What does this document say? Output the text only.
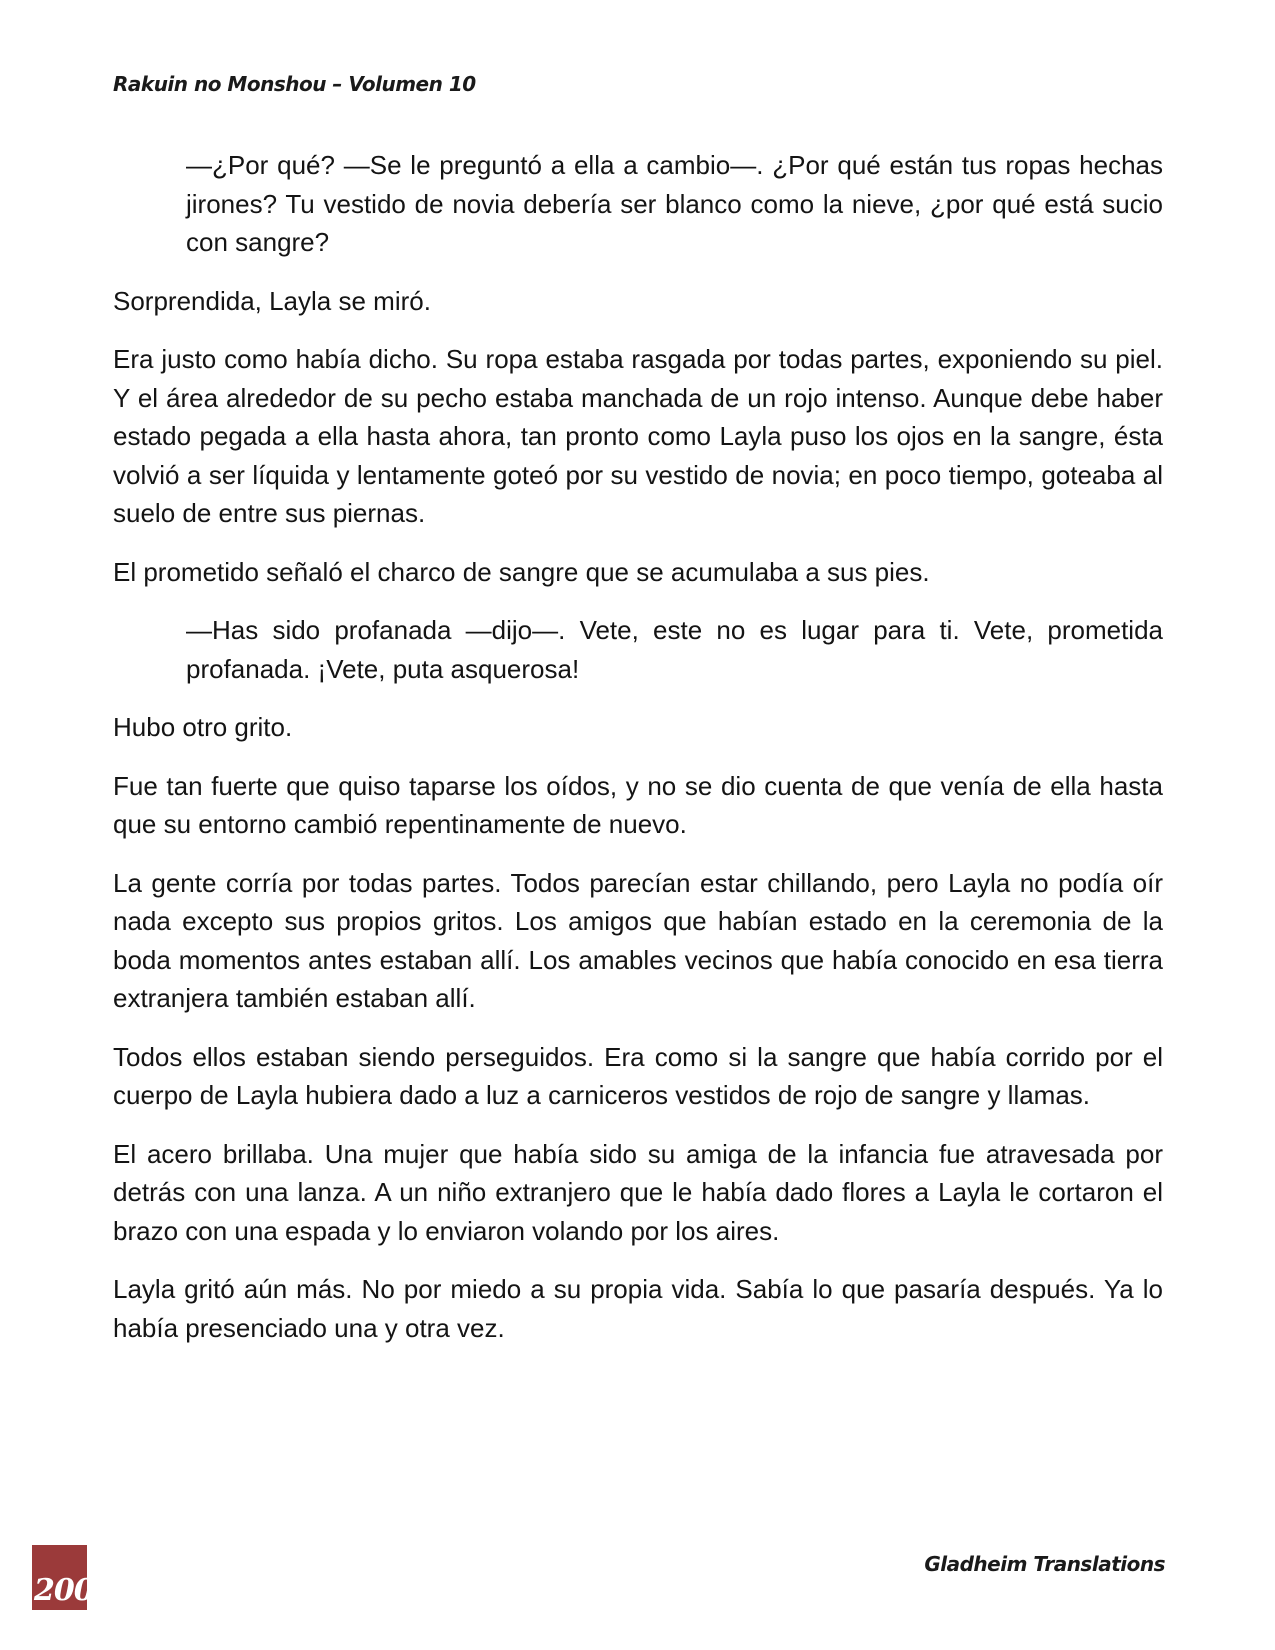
Rakuin no Monshou – Volumen 10

—¿Por qué? —Se le preguntó a ella a cambio—. ¿Por qué están tus ropas hechas jirones? Tu vestido de novia debería ser blanco como la nieve, ¿por qué está sucio con sangre?

Sorprendida, Layla se miró.

Era justo como había dicho. Su ropa estaba rasgada por todas partes, exponiendo su piel. Y el área alrededor de su pecho estaba manchada de un rojo intenso. Aunque debe haber estado pegada a ella hasta ahora, tan pronto como Layla puso los ojos en la sangre, ésta volvió a ser líquida y lentamente goteó por su vestido de novia; en poco tiempo, goteaba al suelo de entre sus piernas.

El prometido señaló el charco de sangre que se acumulaba a sus pies.

—Has sido profanada —dijo—. Vete, este no es lugar para ti. Vete, prometida profanada. ¡Vete, puta asquerosa!

Hubo otro grito.

Fue tan fuerte que quiso taparse los oídos, y no se dio cuenta de que venía de ella hasta que su entorno cambió repentinamente de nuevo.

La gente corría por todas partes. Todos parecían estar chillando, pero Layla no podía oír nada excepto sus propios gritos. Los amigos que habían estado en la ceremonia de la boda momentos antes estaban allí. Los amables vecinos que había conocido en esa tierra extranjera también estaban allí.

Todos ellos estaban siendo perseguidos. Era como si la sangre que había corrido por el cuerpo de Layla hubiera dado a luz a carniceros vestidos de rojo de sangre y llamas.

El acero brillaba. Una mujer que había sido su amiga de la infancia fue atravesada por detrás con una lanza. A un niño extranjero que le había dado flores a Layla le cortaron el brazo con una espada y lo enviaron volando por los aires.

Layla gritó aún más. No por miedo a su propia vida. Sabía lo que pasaría después. Ya lo había presenciado una y otra vez.

200
Gladheim Translations
